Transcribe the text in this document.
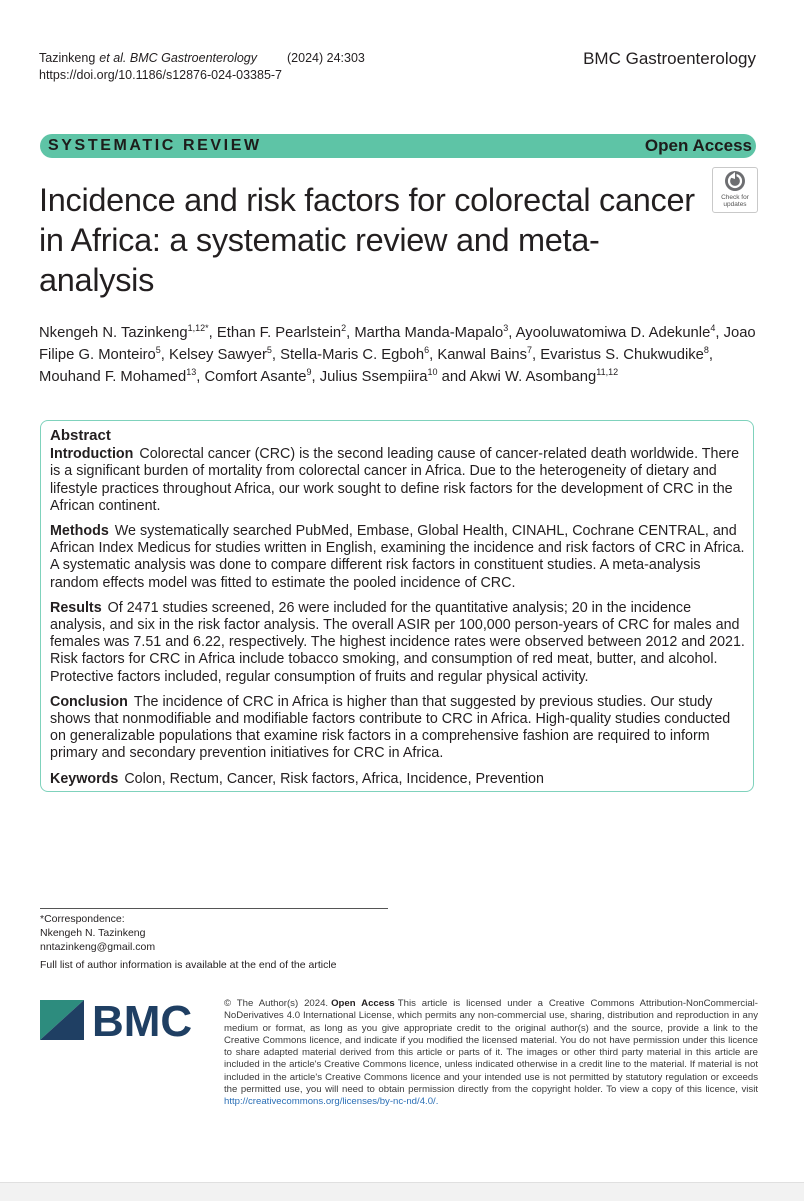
Tazinkeng et al. BMC Gastroenterology (2024) 24:303
https://doi.org/10.1186/s12876-024-03385-7
BMC Gastroenterology
SYSTEMATIC REVIEW	Open Access
Check for updates
Incidence and risk factors for colorectal cancer in Africa: a systematic review and meta-analysis
Nkengeh N. Tazinkeng$^{1,12*}$, Ethan F. Pearlstein$^2$, Martha Manda-Mapalo$^3$, Ayooluwatomiwa D. Adekunle$^4$, Joao Filipe G. Monteiro$^5$, Kelsey Sawyer$^5$, Stella-Maris C. Egboh$^6$, Kanwal Bains$^7$, Evaristus S. Chukwudike$^8$, Mouhand F. Mohamed$^{13}$, Comfort Asante$^9$, Julius Ssempiira$^{10}$ and Akwi W. Asombang$^{11,12}$
Abstract

Introduction Colorectal cancer (CRC) is the second leading cause of cancer-related death worldwide. There is a significant burden of mortality from colorectal cancer in Africa. Due to the heterogeneity of dietary and lifestyle practices throughout Africa, our work sought to define risk factors for the development of CRC in the African continent.

Methods We systematically searched PubMed, Embase, Global Health, CINAHL, Cochrane CENTRAL, and African Index Medicus for studies written in English, examining the incidence and risk factors of CRC in Africa. A systematic analysis was done to compare different risk factors in constituent studies. A meta-analysis random effects model was fitted to estimate the pooled incidence of CRC.

Results Of 2471 studies screened, 26 were included for the quantitative analysis; 20 in the incidence analysis, and six in the risk factor analysis. The overall ASIR per 100,000 person-years of CRC for males and females was 7.51 and 6.22, respectively. The highest incidence rates were observed between 2012 and 2021. Risk factors for CRC in Africa include tobacco smoking, and consumption of red meat, butter, and alcohol. Protective factors included, regular consumption of fruits and regular physical activity.

Conclusion The incidence of CRC in Africa is higher than that suggested by previous studies. Our study shows that nonmodifiable and modifiable factors contribute to CRC in Africa. High-quality studies conducted on generalizable populations that examine risk factors in a comprehensive fashion are required to inform primary and secondary prevention initiatives for CRC in Africa.

Keywords Colon, Rectum, Cancer, Risk factors, Africa, Incidence, Prevention

*Correspondence:
Nkengeh N. Tazinkeng
nntazinkeng@gmail.com
Full list of author information is available at the end of the article
BMC	© The Author(s) 2024. Open Access This article is licensed under a Creative Commons Attribution-NonCommercial-NoDerivatives 4.0 International License, which permits any non-commercial use, sharing, distribution and reproduction in any medium or format, as long as you give appropriate credit to the original author(s) and the source, provide a link to the Creative Commons licence, and indicate if you modified the licensed material. You do not have permission under this licence to share adapted material derived from this article or parts of it. The images or other third party material in this article are included in the article's Creative Commons licence, unless indicated otherwise in a credit line to the material. If material is not included in the article's Creative Commons licence and your intended use is not permitted by statutory regulation or exceeds the permitted use, you will need to obtain permission directly from the copyright holder. To view a copy of this licence, visit http://creativecommons.org/licenses/by-nc-nd/4.0/.
